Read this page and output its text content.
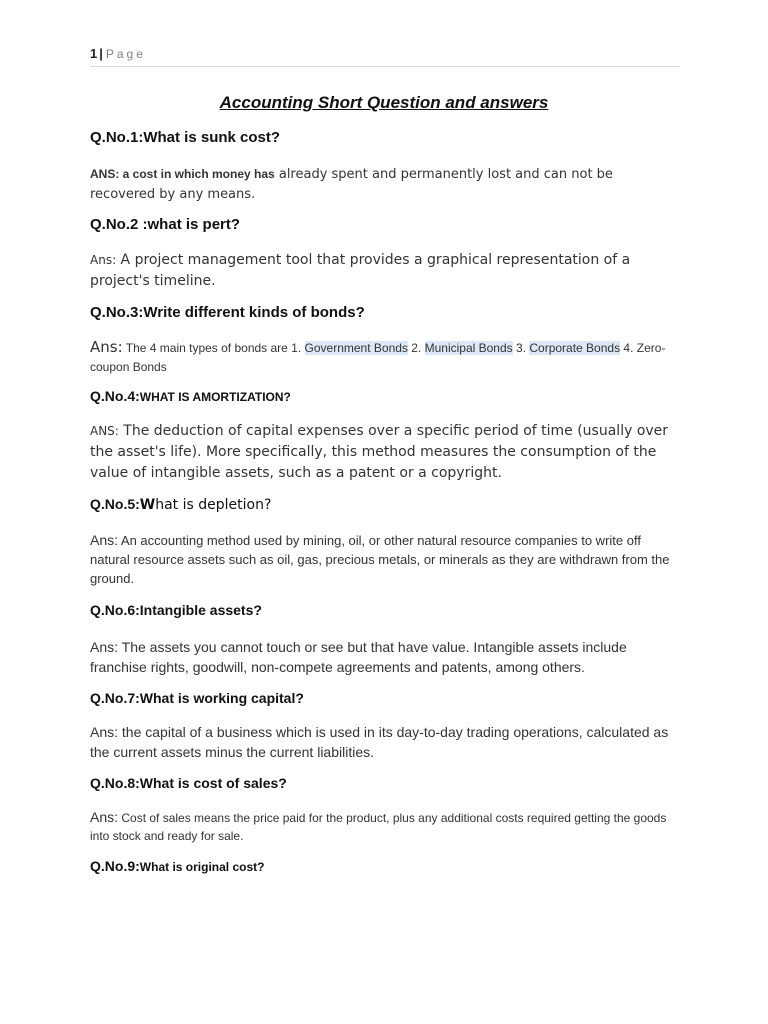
1 | Page
Accounting Short Question and answers
Q.No.1:What is sunk cost?
ANS: a cost in which money has already spent and permanently lost and can not be recovered by any means.
Q.No.2 :what is pert?
Ans: A project management tool that provides a graphical representation of a project's timeline.
Q.No.3:Write different kinds of bonds?
Ans: The 4 main types of bonds are 1. Government Bonds 2. Municipal Bonds 3. Corporate Bonds 4. Zero-coupon Bonds
Q.No.4:WHAT IS AMORTIZATION?
ANS: The deduction of capital expenses over a specific period of time (usually over the asset's life). More specifically, this method measures the consumption of the value of intangible assets, such as a patent or a copyright.
Q.No.5:What is depletion?
Ans: An accounting method used by mining, oil, or other natural resource companies to write off natural resource assets such as oil, gas, precious metals, or minerals as they are withdrawn from the ground.
Q.No.6:Intangible assets?
Ans: The assets you cannot touch or see but that have value. Intangible assets include franchise rights, goodwill, non-compete agreements and patents, among others.
Q.No.7:What is working capital?
Ans: the capital of a business which is used in its day-to-day trading operations, calculated as the current assets minus the current liabilities.
Q.No.8:What is cost of sales?
Ans: Cost of sales means the price paid for the product, plus any additional costs required getting the goods into stock and ready for sale.
Q.No.9:What is original cost?
